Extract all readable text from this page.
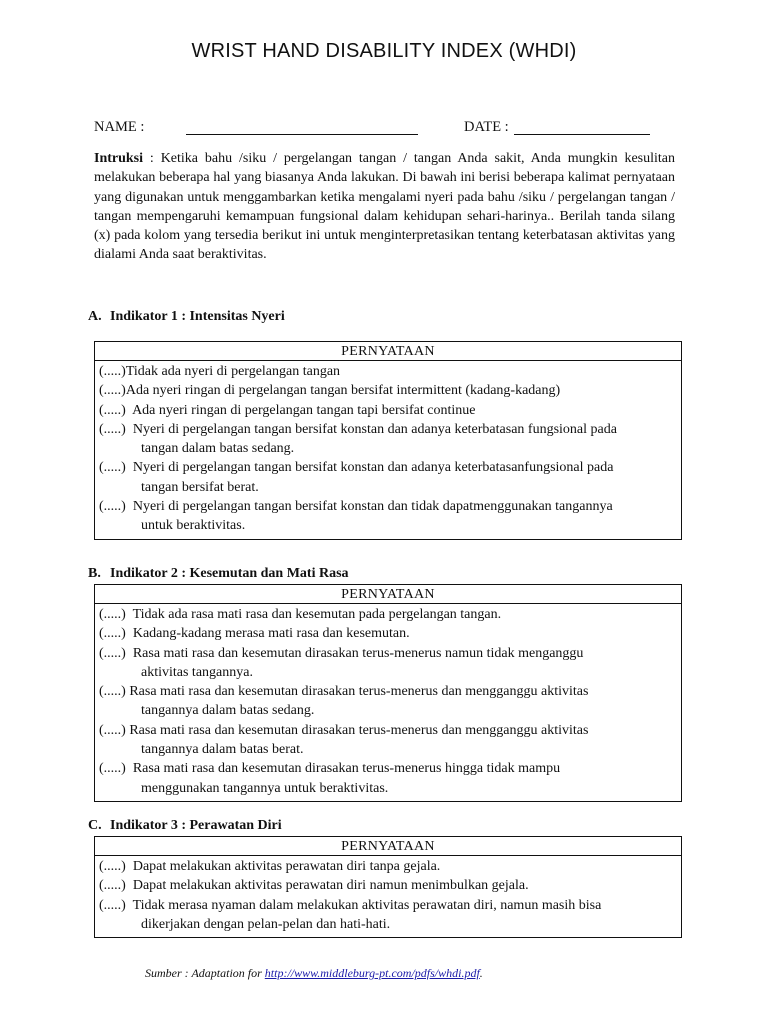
WRIST HAND DISABILITY INDEX (WHDI)
NAME :	DATE :
Intruksi : Ketika bahu /siku / pergelangan tangan / tangan Anda sakit, Anda mungkin kesulitan melakukan beberapa hal yang biasanya Anda lakukan. Di bawah ini berisi beberapa kalimat pernyataan yang digunakan untuk menggambarkan ketika mengalami nyeri pada bahu /siku / pergelangan tangan / tangan mempengaruhi kemampuan fungsional dalam kehidupan sehari-harinya.. Berilah tanda silang (x) pada kolom yang tersedia berikut ini untuk menginterpretasikan tentang keterbatasan aktivitas yang dialami Anda saat beraktivitas.
A. Indikator 1 : Intensitas Nyeri
PERNYATAAN

(.....) Tidak ada nyeri di pergelangan tangan
(.....) Ada nyeri ringan di pergelangan tangan bersifat intermittent (kadang-kadang)
(.....) Ada nyeri ringan di pergelangan tangan tapi bersifat continue
(.....) Nyeri di pergelangan tangan bersifat konstan dan adanya keterbatasan fungsional pada
tangan dalam batas sedang.
(.....) Nyeri di pergelangan tangan bersifat konstan dan adanya keterbatasanfungsional pada
tangan bersifat berat.
(.....) Nyeri di pergelangan tangan bersifat konstan dan tidak dapatmenggunakan tangannya
untuk beraktivitas.
B. Indikator 2 : Kesemutan dan Mati Rasa
PERNYATAAN

(.....) Tidak ada rasa mati rasa dan kesemutan pada pergelangan tangan.
(.....) Kadang-kadang merasa mati rasa dan kesemutan.
(.....) Rasa mati rasa dan kesemutan dirasakan terus-menerus namun tidak menganggu
aktivitas tangannya.
(.....) Rasa mati rasa dan kesemutan dirasakan terus-menerus dan mengganggu aktivitas
tangannya dalam batas sedang.
(.....) Rasa mati rasa dan kesemutan dirasakan terus-menerus dan mengganggu aktivitas
tangannya dalam batas berat.
(.....) Rasa mati rasa dan kesemutan dirasakan terus-menerus hingga tidak mampu
menggunakan tangannya untuk beraktivitas.
C. Indikator 3 : Perawatan Diri
PERNYATAAN

(.....) Dapat melakukan aktivitas perawatan diri tanpa gejala.
(.....) Dapat melakukan aktivitas perawatan diri namun menimbulkan gejala.
(.....) Tidak merasa nyaman dalam melakukan aktivitas perawatan diri, namun masih bisa
dikerjakan dengan pelan-pelan dan hati-hati.
Sumber : Adaptation for http://www.middleburg-pt.com/pdfs/whdi.pdf.
